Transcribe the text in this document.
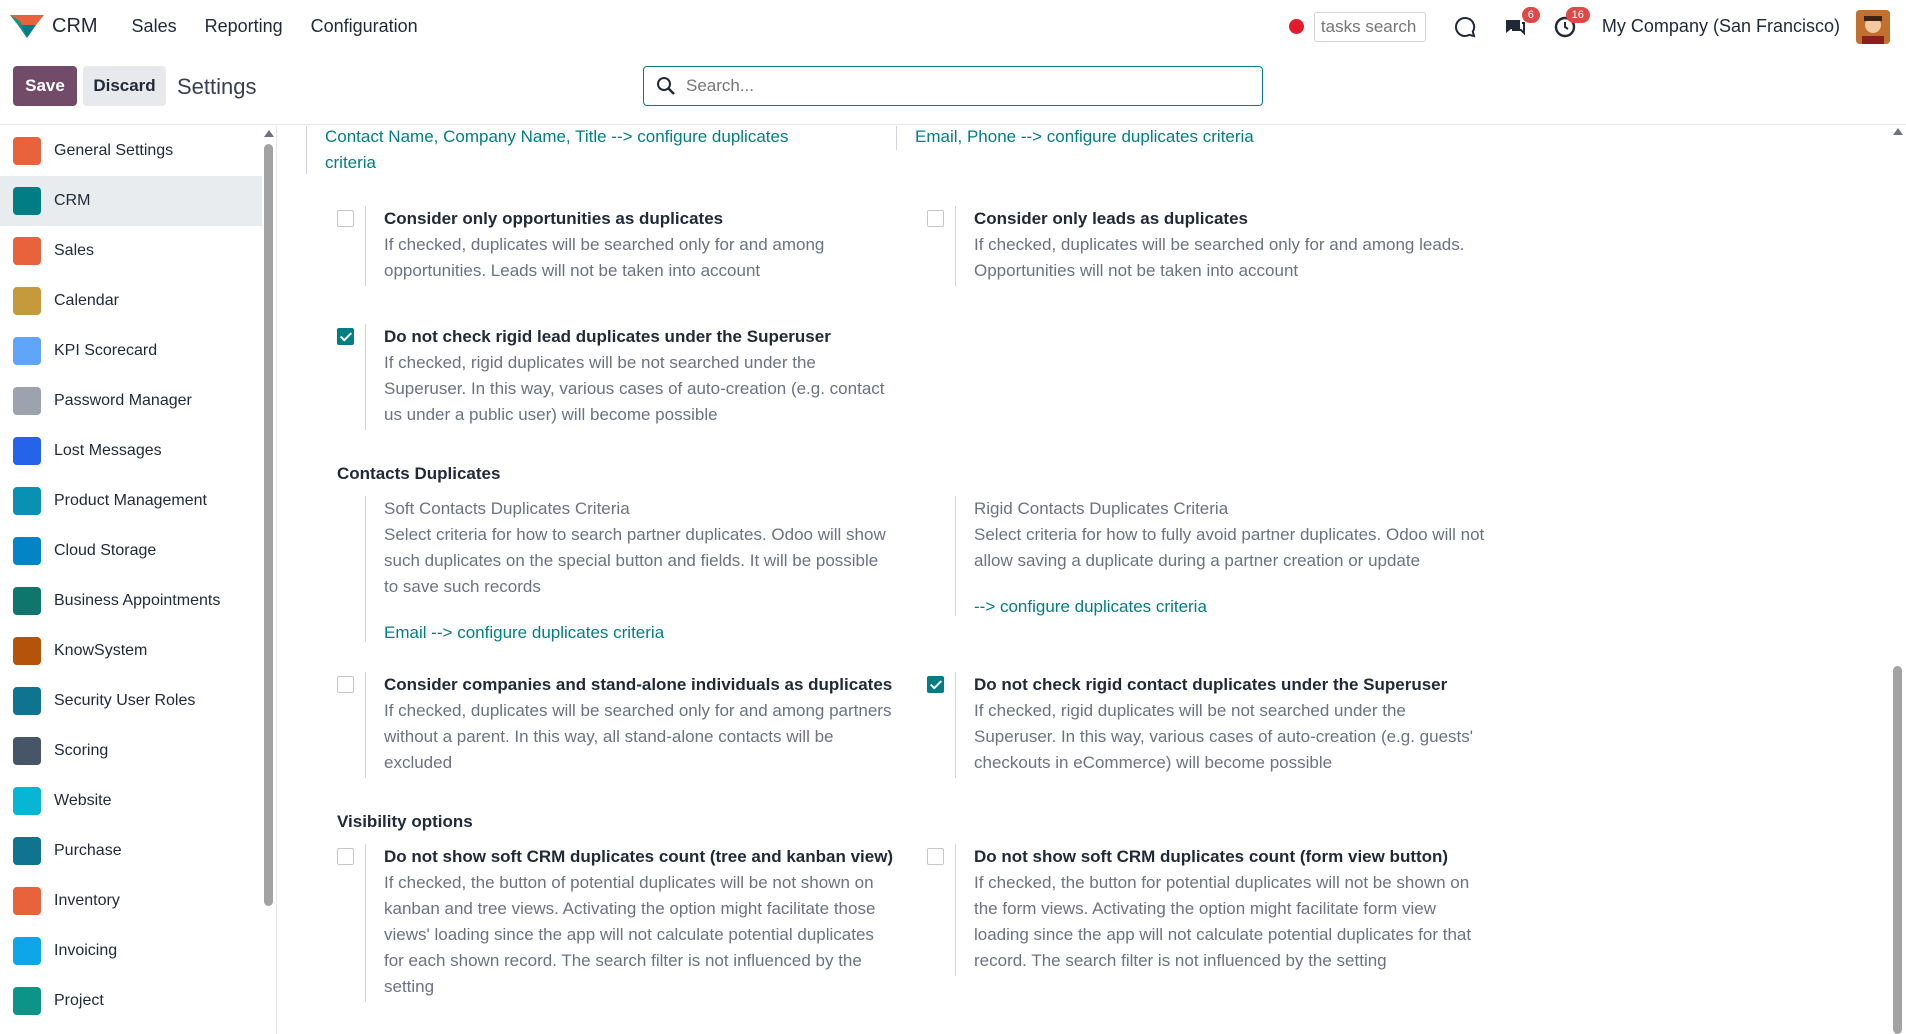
CRM	Sales	Reporting	Configuration
tasks search
6	16
My Company (San Francisco)
Save	Discard Settings
Search...
General Settings
CRM
Sales
Calendar
KPI Scorecard
Password Manager
Lost Messages
Product Management
Cloud Storage
Business Appointments
KnowSystem
Security User Roles
Scoring
Website
Purchase
Inventory
Invoicing
Project
Contact Name, Company Name, Title --> configure duplicates
criteria
Email, Phone --> configure duplicates criteria
Consider only opportunities as duplicates
If checked, duplicates will be searched only for and among opportunities. Leads will not be taken into account
Consider only leads as duplicates
If checked, duplicates will be searched only for and among leads. Opportunities will not be taken into account
Do not check rigid lead duplicates under the Superuser
If checked, rigid duplicates will be not searched under the Superuser. In this way, various cases of auto-creation (e.g. contact us under a public user) will become possible
Contacts Duplicates
Soft Contacts Duplicates Criteria
Select criteria for how to search partner duplicates. Odoo will show such duplicates on the special button and fields. It will be possible to save such records
Email --> configure duplicates criteria
Rigid Contacts Duplicates Criteria
Select criteria for how to fully avoid partner duplicates. Odoo will not allow saving a duplicate during a partner creation or update
--> configure duplicates criteria
Consider companies and stand-alone individuals as duplicates
If checked, duplicates will be searched only for and among partners without a parent. In this way, all stand-alone contacts will be excluded
Do not check rigid contact duplicates under the Superuser
If checked, rigid duplicates will be not searched under the Superuser. In this way, various cases of auto-creation (e.g. guests' checkouts in eCommerce) will become possible
Visibility options
Do not show soft CRM duplicates count (tree and kanban view)
If checked, the button of potential duplicates will be not shown on kanban and tree views. Activating the option might facilitate those views' loading since the app will not calculate potential duplicates for each shown record. The search filter is not influenced by the setting
Do not show soft CRM duplicates count (form view button)
If checked, the button for potential duplicates will not be shown on the form views. Activating the option might facilitate form view loading since the app will not calculate potential duplicates for that record. The search filter is not influenced by the setting
